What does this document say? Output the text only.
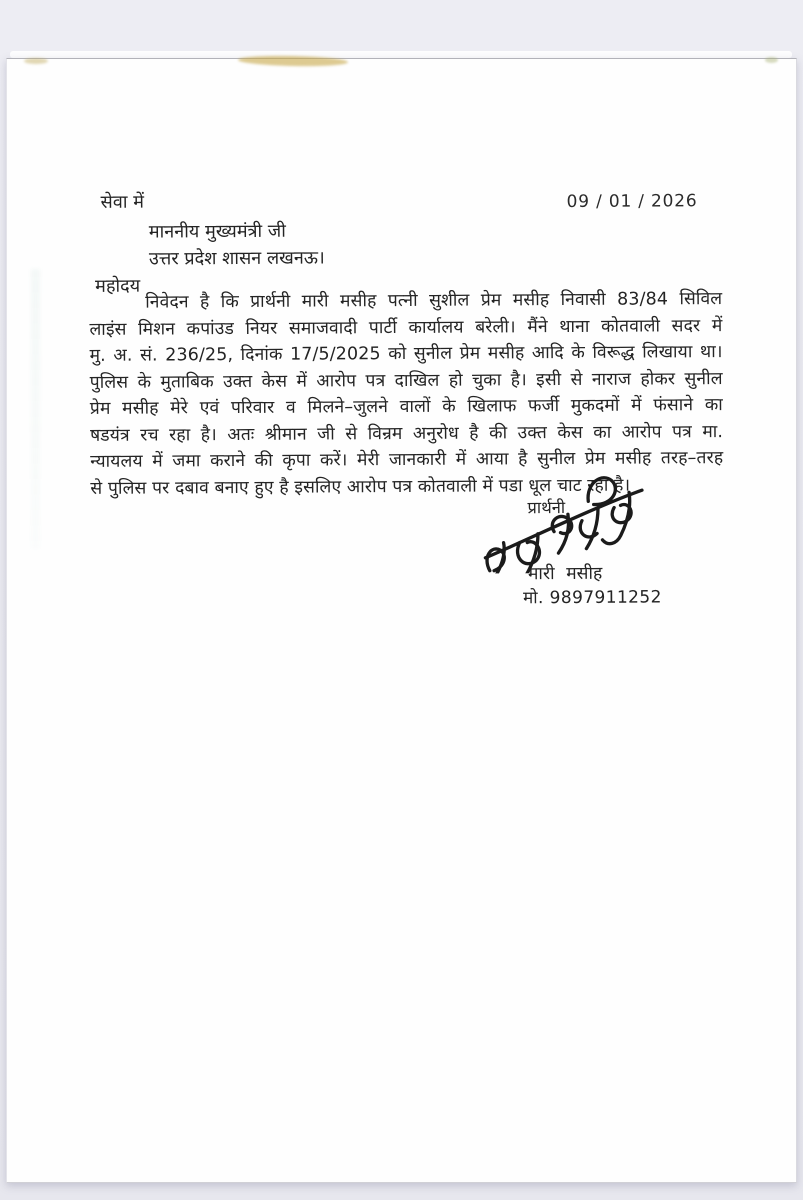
सेवा में	09 / 01 / 2026
माननीय मुख्यमंत्री जी
उत्तर प्रदेश शासन लखनऊ।
महोदय
निवेदन है कि प्रार्थनी मारी मसीह पत्नी सुशील प्रेम मसीह निवासी 83/84 सिविल
लाइंस मिशन कपांउड नियर समाजवादी पार्टी कार्यालय बरेली। मैंने थाना कोतवाली सदर में
मु. अ. सं. 236/25, दिनांक 17/5/2025 को सुनील प्रेम मसीह आदि के विरूद्ध लिखाया था।
पुलिस के मुताबिक उक्त केस में आरोप पत्र दाखिल हो चुका है। इसी से नाराज होकर सुनील
प्रेम मसीह मेरे एवं परिवार व मिलने–जुलने वालों के खिलाफ फर्जी मुकदमों में फंसाने का
षडयंत्र रच रहा है। अतः श्रीमान जी से विन्रम अनुरोध है की उक्त केस का आरोप पत्र मा.
न्यायलय में जमा कराने की कृपा करें। मेरी जानकारी में आया है सुनील प्रेम मसीह तरह–तरह
से पुलिस पर दबाव बनाए हुए है इसलिए आरोप पत्र कोतवाली में पडा धूल चाट रहा है।
प्रार्थनी
मारी मसीह
मो. 9897911252
